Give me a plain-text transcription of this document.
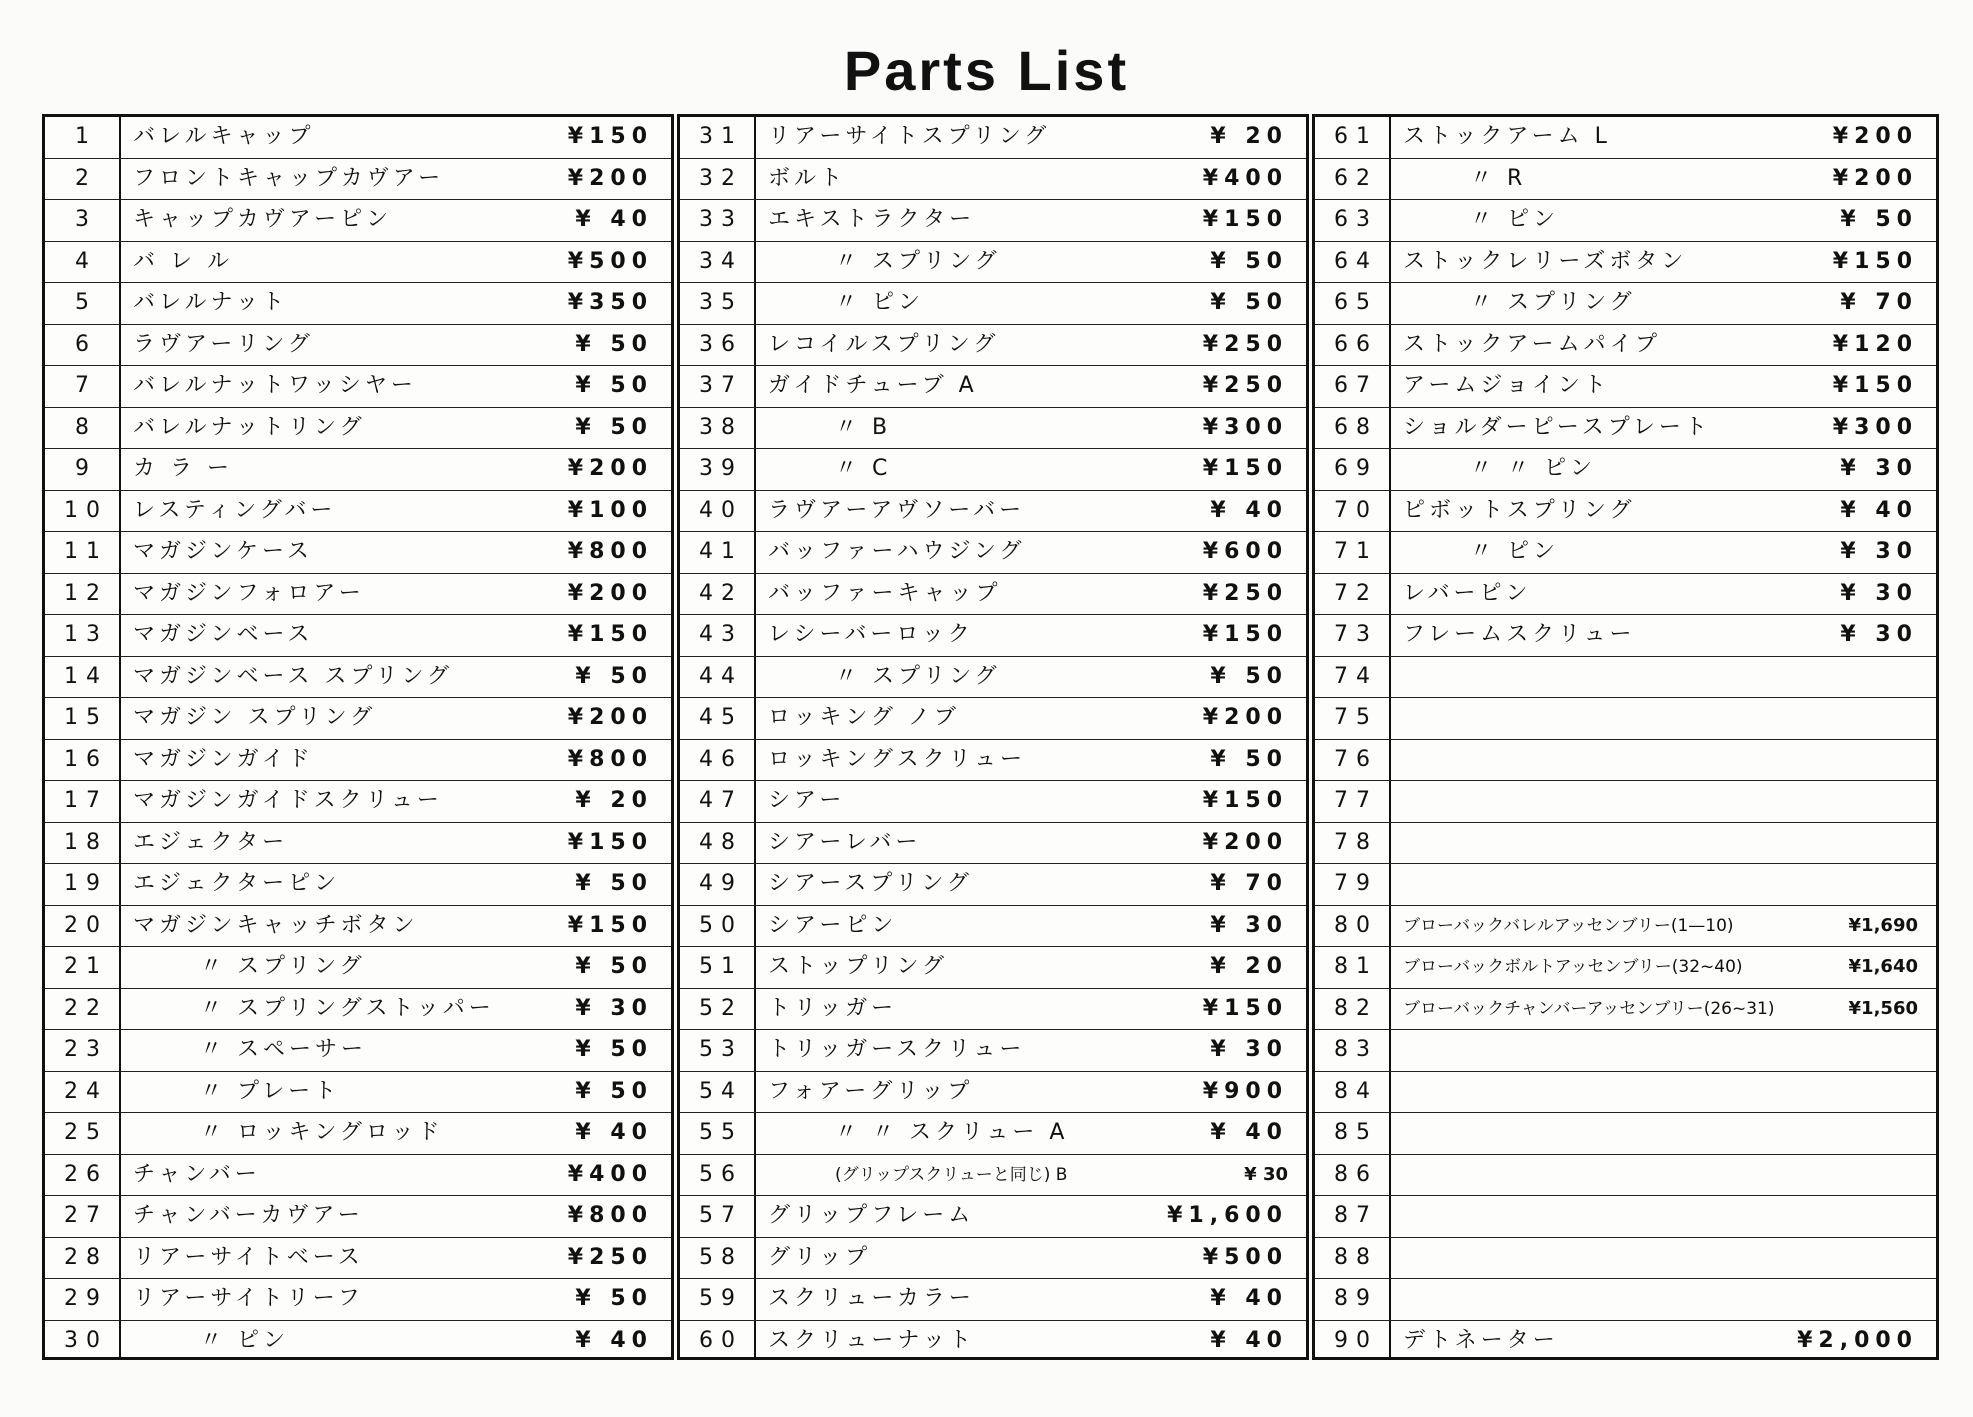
Parts List
1	バレルキャップ	¥150
2	フロントキャップカヴアー	¥200
3	キャップカヴアーピン	¥ 40
4	バ レ ル	¥500
5	バレルナット	¥350
6	ラヴアーリング	¥ 50
7	バレルナットワッシヤー	¥ 50
8	バレルナットリング	¥ 50
9	カ ラ ー	¥200
10	レスティングバー	¥100
11	マガジンケース	¥800
12	マガジンフォロアー	¥200
13	マガジンベース	¥150
14	マガジンベース スプリング	¥ 50
15	マガジン スプリング	¥200
16	マガジンガイド	¥800
17	マガジンガイドスクリュー	¥ 20
18	エジェクター	¥150
19	エジェクターピン	¥ 50
20	マガジンキャッチボタン	¥150
21	〃 スプリング	¥ 50
22	〃 スプリングストッパー	¥ 30
23	〃 スペーサー	¥ 50
24	〃 プレート	¥ 50
25	〃 ロッキングロッド	¥ 40
26	チャンバー	¥400
27	チャンバーカヴアー	¥800
28	リアーサイトベース	¥250
29	リアーサイトリーフ	¥ 50
30	〃 ピン	¥ 40
31	リアーサイトスプリング	¥ 20
32	ボルト	¥400
33	エキストラクター	¥150
34	〃 スプリング	¥ 50
35	〃 ピン	¥ 50
36	レコイルスプリング	¥250
37	ガイドチューブ A	¥250
38	〃 B	¥300
39	〃 C	¥150
40	ラヴアーアヴソーバー	¥ 40
41	バッファーハウジング	¥600
42	バッファーキャップ	¥250
43	レシーバーロック	¥150
44	〃 スプリング	¥ 50
45	ロッキング ノブ	¥200
46	ロッキングスクリュー	¥ 50
47	シアー	¥150
48	シアーレバー	¥200
49	シアースプリング	¥ 70
50	シアーピン	¥ 30
51	ストップリング	¥ 20
52	トリッガー	¥150
53	トリッガースクリュー	¥ 30
54	フォアーグリップ	¥900
55	〃 〃 スクリュー A	¥ 40
56	(グリップスクリューと同じ) B	¥ 30
57	グリップフレーム	¥1,600
58	グリップ	¥500
59	スクリューカラー	¥ 40
60	スクリューナット	¥ 40
61	ストックアーム L	¥200
62	〃 R	¥200
63	〃 ピン	¥ 50
64	ストックレリーズボタン	¥150
65	〃 スプリング	¥ 70
66	ストックアームパイプ	¥120
67	アームジョイント	¥150
68	ショルダーピースプレート	¥300
69	〃 〃 ピン	¥ 30
70	ピボットスプリング	¥ 40
71	〃 ピン	¥ 30
72	レバーピン	¥ 30
73	フレームスクリュー	¥ 30
74
75
76
77
78
79
80	ブローバックバレルアッセンブリー(1—10)	¥1,690
81	ブローバックボルトアッセンブリー(32~40)	¥1,640
82	ブローバックチャンバーアッセンブリー(26~31)	¥1,560
83
84
85
86
87
88
89
90	デトネーター	¥2,000
